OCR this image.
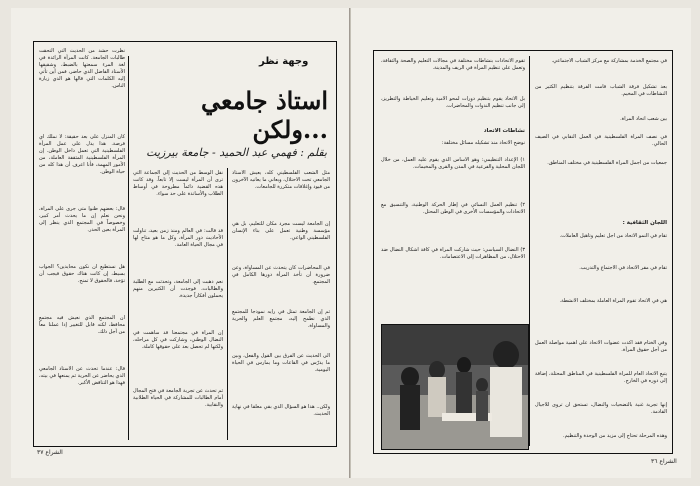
وجهة نظر
استاذ جامعي ...ولكن
بقلم : فهمي عبد الحميد - جامعة بيرزيت
نظرت حشد من الحديث التي التحقت طالبات الجامعة. كانت المرأة الرائدة في لغة المرء سمعتها بالضبط، وشقيقها الأستاذ الفاضل الذي حاضر، فمن أين تأتي إليه الكلمات التي قالها هو الذي زيارة الناس.
كان المنزل على بعد حقيقة: لا نملك أي فرصة. هذا يدل على عمل المرأة الفلسطينية التي تعمل داخل الوطن. إن المرأة الفلسطينية المثقفة العاملة، من الأمور المهمة، فأنا اعرف أن هذا كله من حياة الوطن.
قال: بعضهم ظنوا متى جرى على المرأة، ونحن نعلم إن ما يحدث أمر كبير، وخصوصاً في المجتمع الذي ينظر إلى المرأة بعين الحذر.
هل نستطيع أن نكون محايدين؟ الجواب بسيط، إن كانت هناك حقوق فيجب أن تؤخذ، فالحقوق لا تمنح.
ان المجتمع الذي نعيش فيه مجتمع محافظ، لكنه قابل للتغيير إذا عملنا معاً من أجل ذلك.
قال: عندما تحدث عن الأستاذ الجامعي الذي يحاضر عن الحرية ثم يمنعها في بيته، فهذا هو التناقض الأكبر.
نقل الوسط من الحديث إلى الجماعة التي ترى أن المرأة ليست إلا تابعاً. وقد كانت هذه القضية دائماً مطروحة في أوساط الطلاب والأساتذة على حد سواء.
قد قالت: في العالم ومنذ زمن بعيد، تناولت الأحاديث دور المرأة، وكل ما هو متاح لها في مجال الحياة العامة.
نعم ذهبت إلى الجامعة، وتحدثت مع الطلبة والطالبات، فوجدت أن الكثيرين منهم يحملون أفكاراً جديدة.
إن المرأة في مجتمعنا قد ساهمت في النضال الوطني، وشاركت في كل مراحله، ولكنها لم تحصل بعد على حقوقها كاملة.
ثم تحدث عن تجربة الجامعة في فتح المجال أمام الطالبات للمشاركة في الحياة الطلابية والنقابية.
مثل الشعب الفلسطيني كله، يعيش الأستاذ الجامعي تحت الاحتلال، ويعاني ما يعانيه الآخرون من قيود وإغلاقات متكررة للجامعات.
إن الجامعة ليست مجرد مكان للتعليم، بل هي مؤسسة وطنية تعمل على بناء الإنسان الفلسطيني الواعي.
في المحاضرات كان يتحدث عن المساواة، وعن ضرورة أن تأخذ المرأة دورها الكامل في المجتمع.
ثم إن الجامعة تمثل في رأيه نموذجاً للمجتمع الذي نطمح إليه، مجتمع العلم والحرية والمساواة.
الى الحديث عن الفرق بين القول والفعل، وبين ما يدرّس في القاعات وما يمارس في الحياة اليومية.
ولكن.. هذا هو السؤال الذي بقي معلقاً في نهاية الحديث.
الشراع ٣٧
تقوم الاتحادات بنشاطات مختلفة في مجالات التعليم والصحة والثقافة، وتعمل على تنظيم المرأة في الريف والمدينة.
بل الاتحاد يقوم بتنظيم دورات لمحو الأمية وتعليم الخياطة والتطريز، إلى جانب تنظيم الندوات والمحاضرات.
نشاطات الاتحاد
نوضح الاتحاد منذ تشكيله مسائل مختلفة:
١) الإعداد التنظيمي: وهو الأساس الذي يقوم عليه العمل، من خلال اللجان المحلية والفرعية في المدن والقرى والمخيمات.
٢) تنظيم العمل النسائي في إطار الحركة الوطنية، والتنسيق مع الاتحادات والمؤسسات الأخرى في الوطن المحتل.
٣) النضال السياسي: حيث شاركت المرأة في كافة أشكال النضال ضد الاحتلال، من المظاهرات إلى الاعتصامات.
في مجتمع الخدمة بمشاركة مع مركز الشباب الاجتماعي.
بعد تشكيل فرقة الشباب قامت الفرقة بتنظيم الكثير من النشاطات في المخيم.
بين شعب اتحاد المرأة.
في نصف المرأة الفلسطينية في العمل النقابي في الصيف الحالي.
جمعيات من اجمل المرأة الفلسطينية في مختلف المناطق.
اللجان الثقافية :
تقام في النمو الاتحاد من اجل تعليم وتأهيل العاملات.
تقام في مقر الاتحاد في الاجتماع والتدريب.
هي في الاتحاد تقوم المرأة العاملة بمختلف الأنشطة.
وفي الختام فقد أكدت عضوات الاتحاد على أهمية مواصلة العمل من أجل حقوق المرأة.
يتبع الاتحاد العام للمرأة الفلسطينية في المناطق المحتلة، إضافة إلى دوره في الخارج.
إنها تجربة غنية بالتضحيات والنضال، تستحق أن تروى للأجيال القادمة.
وهذه المرحلة تحتاج إلى مزيد من الوحدة والتنظيم.
الشراع ٣٦
